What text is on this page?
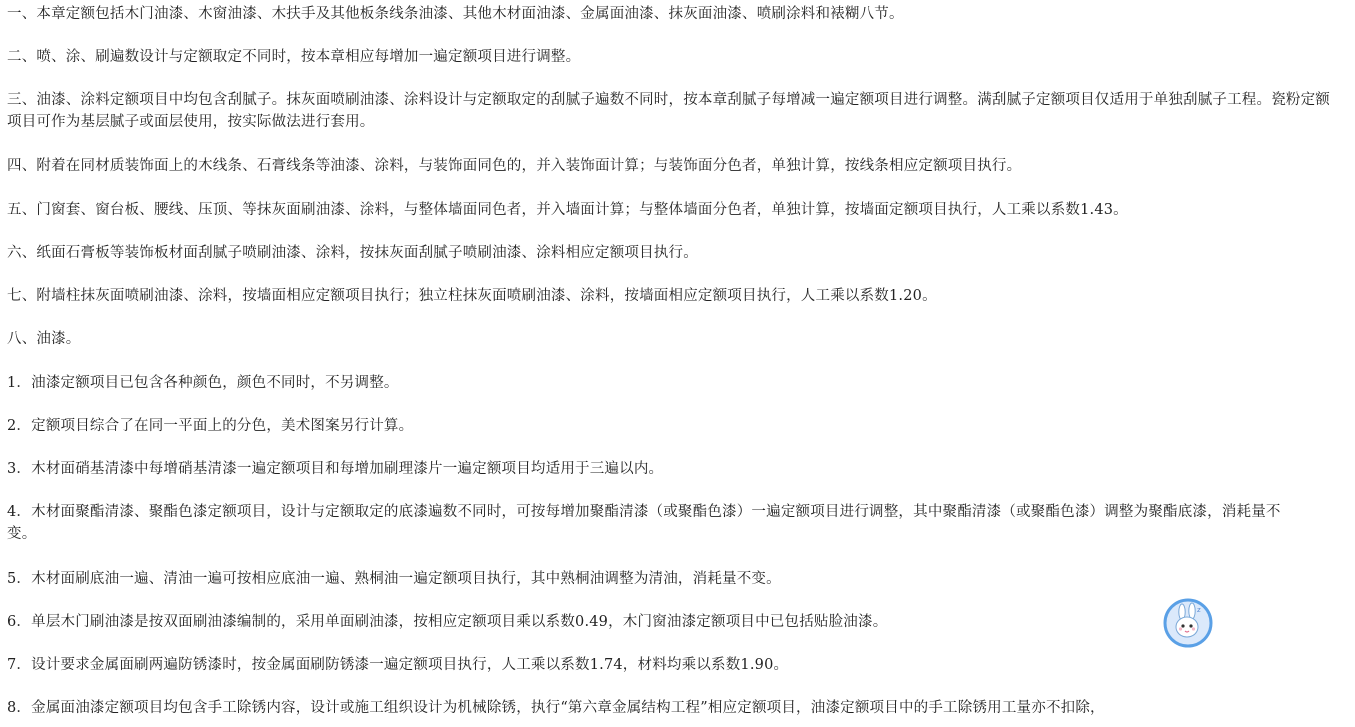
一、本章定额包括木门油漆、木窗油漆、木扶手及其他板条线条油漆、其他木材面油漆、金属面油漆、抹灰面油漆、喷刷涂料和裱糊八节。

二、喷、涂、刷遍数设计与定额取定不同时，按本章相应每增加一遍定额项目进行调整。

三、油漆、涂料定额项目中均包含刮腻子。抹灰面喷刷油漆、涂料设计与定额取定的刮腻子遍数不同时，按本章刮腻子每增减一遍定额项目进行调整。满刮腻子定额项目仅适用于单独刮腻子工程。瓷粉定额项目可作为基层腻子或面层使用，按实际做法进行套用。

四、附着在同材质装饰面上的木线条、石膏线条等油漆、涂料，与装饰面同色的，并入装饰面计算；与装饰面分色者，单独计算，按线条相应定额项目执行。

五、门窗套、窗台板、腰线、压顶、等抹灰面刷油漆、涂料，与整体墙面同色者，并入墙面计算；与整体墙面分色者，单独计算，按墙面定额项目执行，人工乘以系数1.43。

六、纸面石膏板等装饰板材面刮腻子喷刷油漆、涂料，按抹灰面刮腻子喷刷油漆、涂料相应定额项目执行。

七、附墙柱抹灰面喷刷油漆、涂料，按墙面相应定额项目执行；独立柱抹灰面喷刷油漆、涂料，按墙面相应定额项目执行，人工乘以系数1.20。

八、油漆。

1．油漆定额项目已包含各种颜色，颜色不同时，不另调整。

2．定额项目综合了在同一平面上的分色，美术图案另行计算。

3．木材面硝基清漆中每增硝基清漆一遍定额项目和每增加刷理漆片一遍定额项目均适用于三遍以内。

4．木材面聚酯清漆、聚酯色漆定额项目，设计与定额取定的底漆遍数不同时，可按每增加聚酯清漆（或聚酯色漆）一遍定额项目进行调整，其中聚酯清漆（或聚酯色漆）调整为聚酯底漆，消耗量不变。

5．木材面刷底油一遍、清油一遍可按相应底油一遍、熟桐油一遍定额项目执行，其中熟桐油调整为清油，消耗量不变。

6．单层木门刷油漆是按双面刷油漆编制的，采用单面刷油漆，按相应定额项目乘以系数0.49，木门窗油漆定额项目中已包括贴脸油漆。

7．设计要求金属面刷两遍防锈漆时，按金属面刷防锈漆一遍定额项目执行，人工乘以系数1.74，材料均乘以系数1.90。

8．金属面油漆定额项目均包含手工除锈内容，设计或施工组织设计为机械除锈，执行“第六章金属结构工程”相应定额项目，油漆定额项目中的手工除锈用工量亦不扣除，

z
